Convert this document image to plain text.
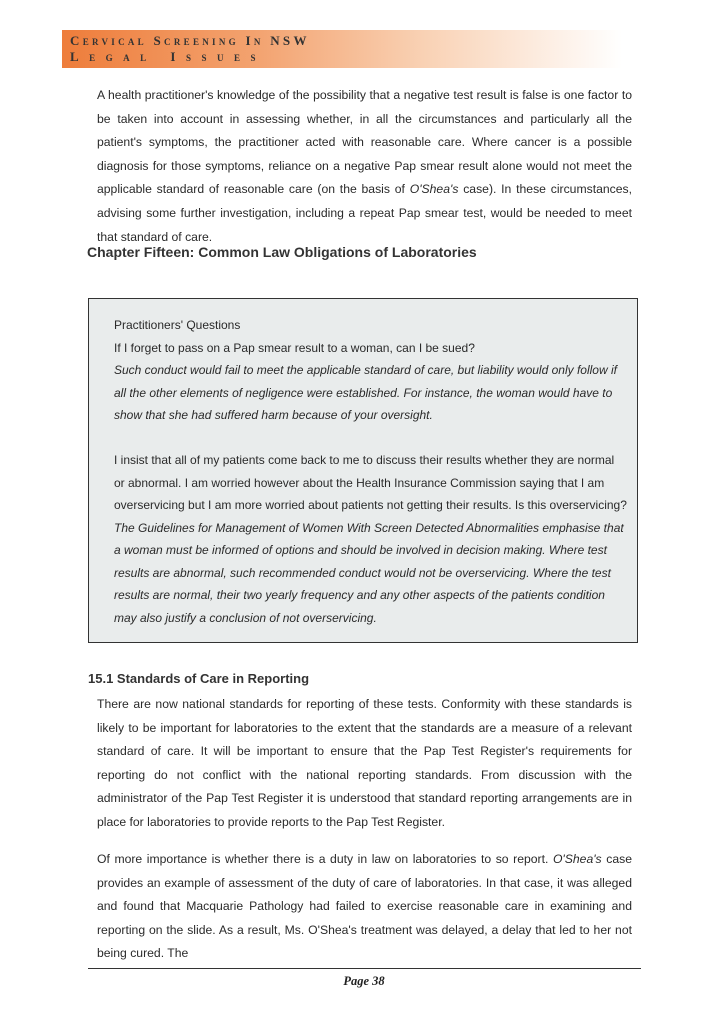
Cervical Screening In NSW
Legal Issues

A health practitioner's knowledge of the possibility that a negative test result is false is one factor to be taken into account in assessing whether, in all the circumstances and particularly all the patient's symptoms, the practitioner acted with reasonable care. Where cancer is a possible diagnosis for those symptoms, reliance on a negative Pap smear result alone would not meet the applicable standard of reasonable care (on the basis of O'Shea's case). In these circumstances, advising some further investigation, including a repeat Pap smear test, would be needed to meet that standard of care.

Chapter Fifteen: Common Law Obligations of Laboratories
Practitioners' Questions
If I forget to pass on a Pap smear result to a woman, can I be sued?
Such conduct would fail to meet the applicable standard of care, but liability would only follow if
all the other elements of negligence were established. For instance, the woman would have to
show that she had suffered harm because of your oversight.

I insist that all of my patients come back to me to discuss their results whether they are normal
or abnormal. I am worried however about the Health Insurance Commission saying that I am
overservicing but I am more worried about patients not getting their results. Is this overservicing?
The Guidelines for Management of Women With Screen Detected Abnormalities emphasise that
a woman must be informed of options and should be involved in decision making. Where test
results are abnormal, such recommended conduct would not be overservicing. Where the test
results are normal, their two yearly frequency and any other aspects of the patients condition
may also justify a conclusion of not overservicing.
15.1 Standards of Care in Reporting

There are now national standards for reporting of these tests. Conformity with these standards is likely to be important for laboratories to the extent that the standards are a measure of a relevant standard of care. It will be important to ensure that the Pap Test Register's requirements for reporting do not conflict with the national reporting standards. From discussion with the administrator of the Pap Test Register it is understood that standard reporting arrangements are in place for laboratories to provide reports to the Pap Test Register.

Of more importance is whether there is a duty in law on laboratories to so report. O'Shea's case provides an example of assessment of the duty of care of laboratories. In that case, it was alleged and found that Macquarie Pathology had failed to exercise reasonable care in examining and reporting on the slide. As a result, Ms. O'Shea's treatment was delayed, a delay that led to her not being cured. The

Page 38
